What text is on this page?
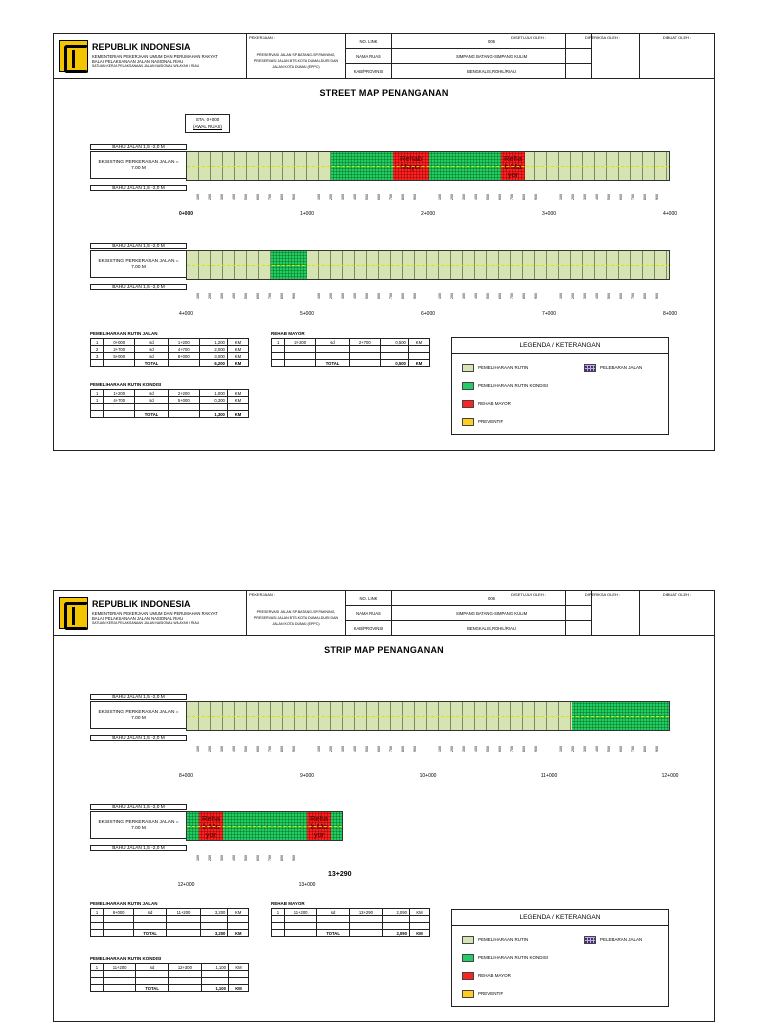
REPUBLIK INDONESIA
KEMENTERIAN PEKERJAAN UMUM DAN PERUMAHAN RAKYAT
BALAI PELAKSANAAN JALAN NASIONAL RIAU
SATUAN KERJA PELAKSANAAN JALAN NASIONAL WILAYAH I RIAU
PEKERJAAN :
PRESERVASI JALAN SP.BATANG-SP.PAKNING, PRESERVASI JALAN BTS.KOTA DUMAI-DURI DAN JALAN KOTA DUMAI (EPPC)
NO. LINK	006
NAMA RUAS	SIMPANG BATANG-SIMPANG KULIM
KAB/PROVINSI	BENGKALIS,ROHIL/RIAU
DISETUJUI OLEH :	DIPERIKSA OLEH :	DIBUAT OLEH :
STREET MAP PENANGANAN
STA. 0+000
(AWAL RUAS)
BAHU JALAN 1,5 -2,0 M
EKSISTING PERKERASAN JALAN =
7.00 M
BAHU JALAN 1,5 -2,0 M
Rehab Mayor
Reha b Ma yor
100 200 300 400 500 600 700 800 900	100 200 300 400 500 600 700 800 900	100 200 300 400 500 600 700 800 900	100 200 300 400 500 600 700 800 900
0+000	1+000	2+000	3+000	4+000
BAHU JALAN 1,5 -2,0 M
EKSISTING PERKERASAN JALAN =
7.00 M
BAHU JALAN 1,5 -2,0 M
100 200 300 400 500 600 700 800 900	100 200 300 400 500 600 700 800 900	100 200 300 400 500 600 700 800 900	100 200 300 400 500 600 700 800 900
4+000	5+000	6+000	7+000	8+000
PEMELIHARAAN RUTIN JALAN
1	0+000	sd	1+200	1,200	KM
2	2+700	sd	4+700	2,000	KM
3	5+000	sd	8+000	3,000	KM
		TOTAL		6,200	KM
PEMELIHARAAN RUTIN KONDISI
1	1+200	sd	2+200	1,000	KM
1	4+700	sd	5+000	0,300	KM

		TOTAL		1,300	KM
REHAB MAYOR
1	2+200	sd	2+700	0,500	KM

		TOTAL		0,500	KM
LEGENDA / KETERANGAN
PEMELIHARAAN RUTIN
PEMELIHARAAN RUTIN KONDISI
REHAB MAYOR
PREVENTIF
PELEBARAN JALAN
REPUBLIK INDONESIA
KEMENTERIAN PEKERJAAN UMUM DAN PERUMAHAN RAKYAT
BALAI PELAKSANAAN JALAN NASIONAL RIAU
SATUAN KERJA PELAKSANAAN JALAN NASIONAL WILAYAH I RIAU
PEKERJAAN :
PRESERVASI JALAN SP.BATANG-SP.PAKNING, PRESERVASI JALAN BTS.KOTA DUMAI-DURI DAN JALAN KOTA DUMAI (EPPC)
NO. LINK	006
NAMA RUAS	SIMPANG BATANG-SIMPANG KULIM
KAB/PROVINSI	BENGKALIS,ROHIL/RIAU
DISETUJUI OLEH :	DIPERIKSA OLEH :	DIBUAT OLEH :
STRIP MAP PENANGANAN
BAHU JALAN 1,5 -2,0 M
EKSISTING PERKERASAN JALAN =
7.00 M
BAHU JALAN 1,5 -2,0 M
100 200 300 400 500 600 700 800 900	100 200 300 400 500 600 700 800 900	100 200 300 400 500 600 700 800 900	100 200 300 400 500 600 700 800 900
8+000	9+000	10+000	11+000	12+000
BAHU JALAN 1,5 -2,0 M
EKSISTING PERKERASAN JALAN =
7.00 M
BAHU JALAN 1,5 -2,0 M
Reha b Ma yor
Reha b Ma yor
100 200 300 400 500 600 700 800 900
12+000	13+000
13+290
PEMELIHARAAN RUTIN JALAN
1	8+000	sd	11+200	3,200	KM

		TOTAL		3,200	KM
PEMELIHARAAN RUTIN KONDISI
1	11+200	sd	12+300	1,100	KM

		TOTAL		1,100	KM
REHAB MAYOR
1	11+200	sd	13+290	2,090	KM

		TOTAL		2,090	KM
LEGENDA / KETERANGAN
PEMELIHARAAN RUTIN
PEMELIHARAAN RUTIN KONDISI
REHAB MAYOR
PREVENTIF
PELEBARAN JALAN
